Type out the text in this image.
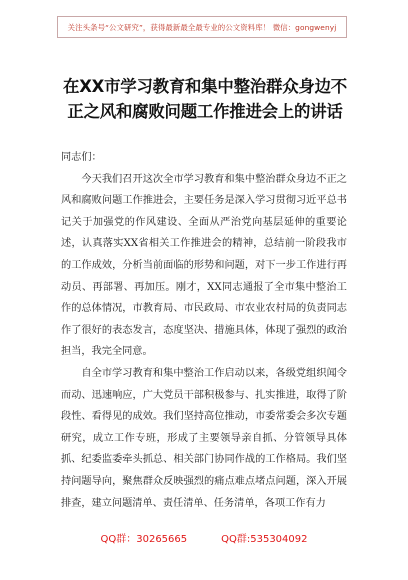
关注头条号“公文研究”，获得最新最全最专业的公文资料库！ 微信：gongwenyj
在XX市学习教育和集中整治群众身边不正之风和腐败问题工作推进会上的讲话

同志们：

今天我们召开这次全市学习教育和集中整治群众身边不正之风和腐败问题工作推进会，主要任务是深入学习贯彻习近平总书记关于加强党的作风建设、全面从严治党向基层延伸的重要论述，认真落实XX省相关工作推进会的精神，总结前一阶段我市的工作成效，分析当前面临的形势和问题，对下一步工作进行再动员、再部署、再加压。刚才，XX同志通报了全市集中整治工作的总体情况，市教育局、市民政局、市农业农村局的负责同志作了很好的表态发言，态度坚决、措施具体，体现了强烈的政治担当，我完全同意。

自全市学习教育和集中整治工作启动以来，各级党组织闻令而动、迅速响应，广大党员干部积极参与、扎实推进，取得了阶段性、看得见的成效。我们坚持高位推动，市委常委会多次专题研究，成立工作专班，形成了主要领导亲自抓、分管领导具体抓、纪委监委牵头抓总、相关部门协同作战的工作格局。我们坚持问题导向，聚焦群众反映强烈的痛点难点堵点问题，深入开展排查，建立问题清单、责任清单、任务清单，各项工作有力

QQ群：30265665	QQ群:535304092
